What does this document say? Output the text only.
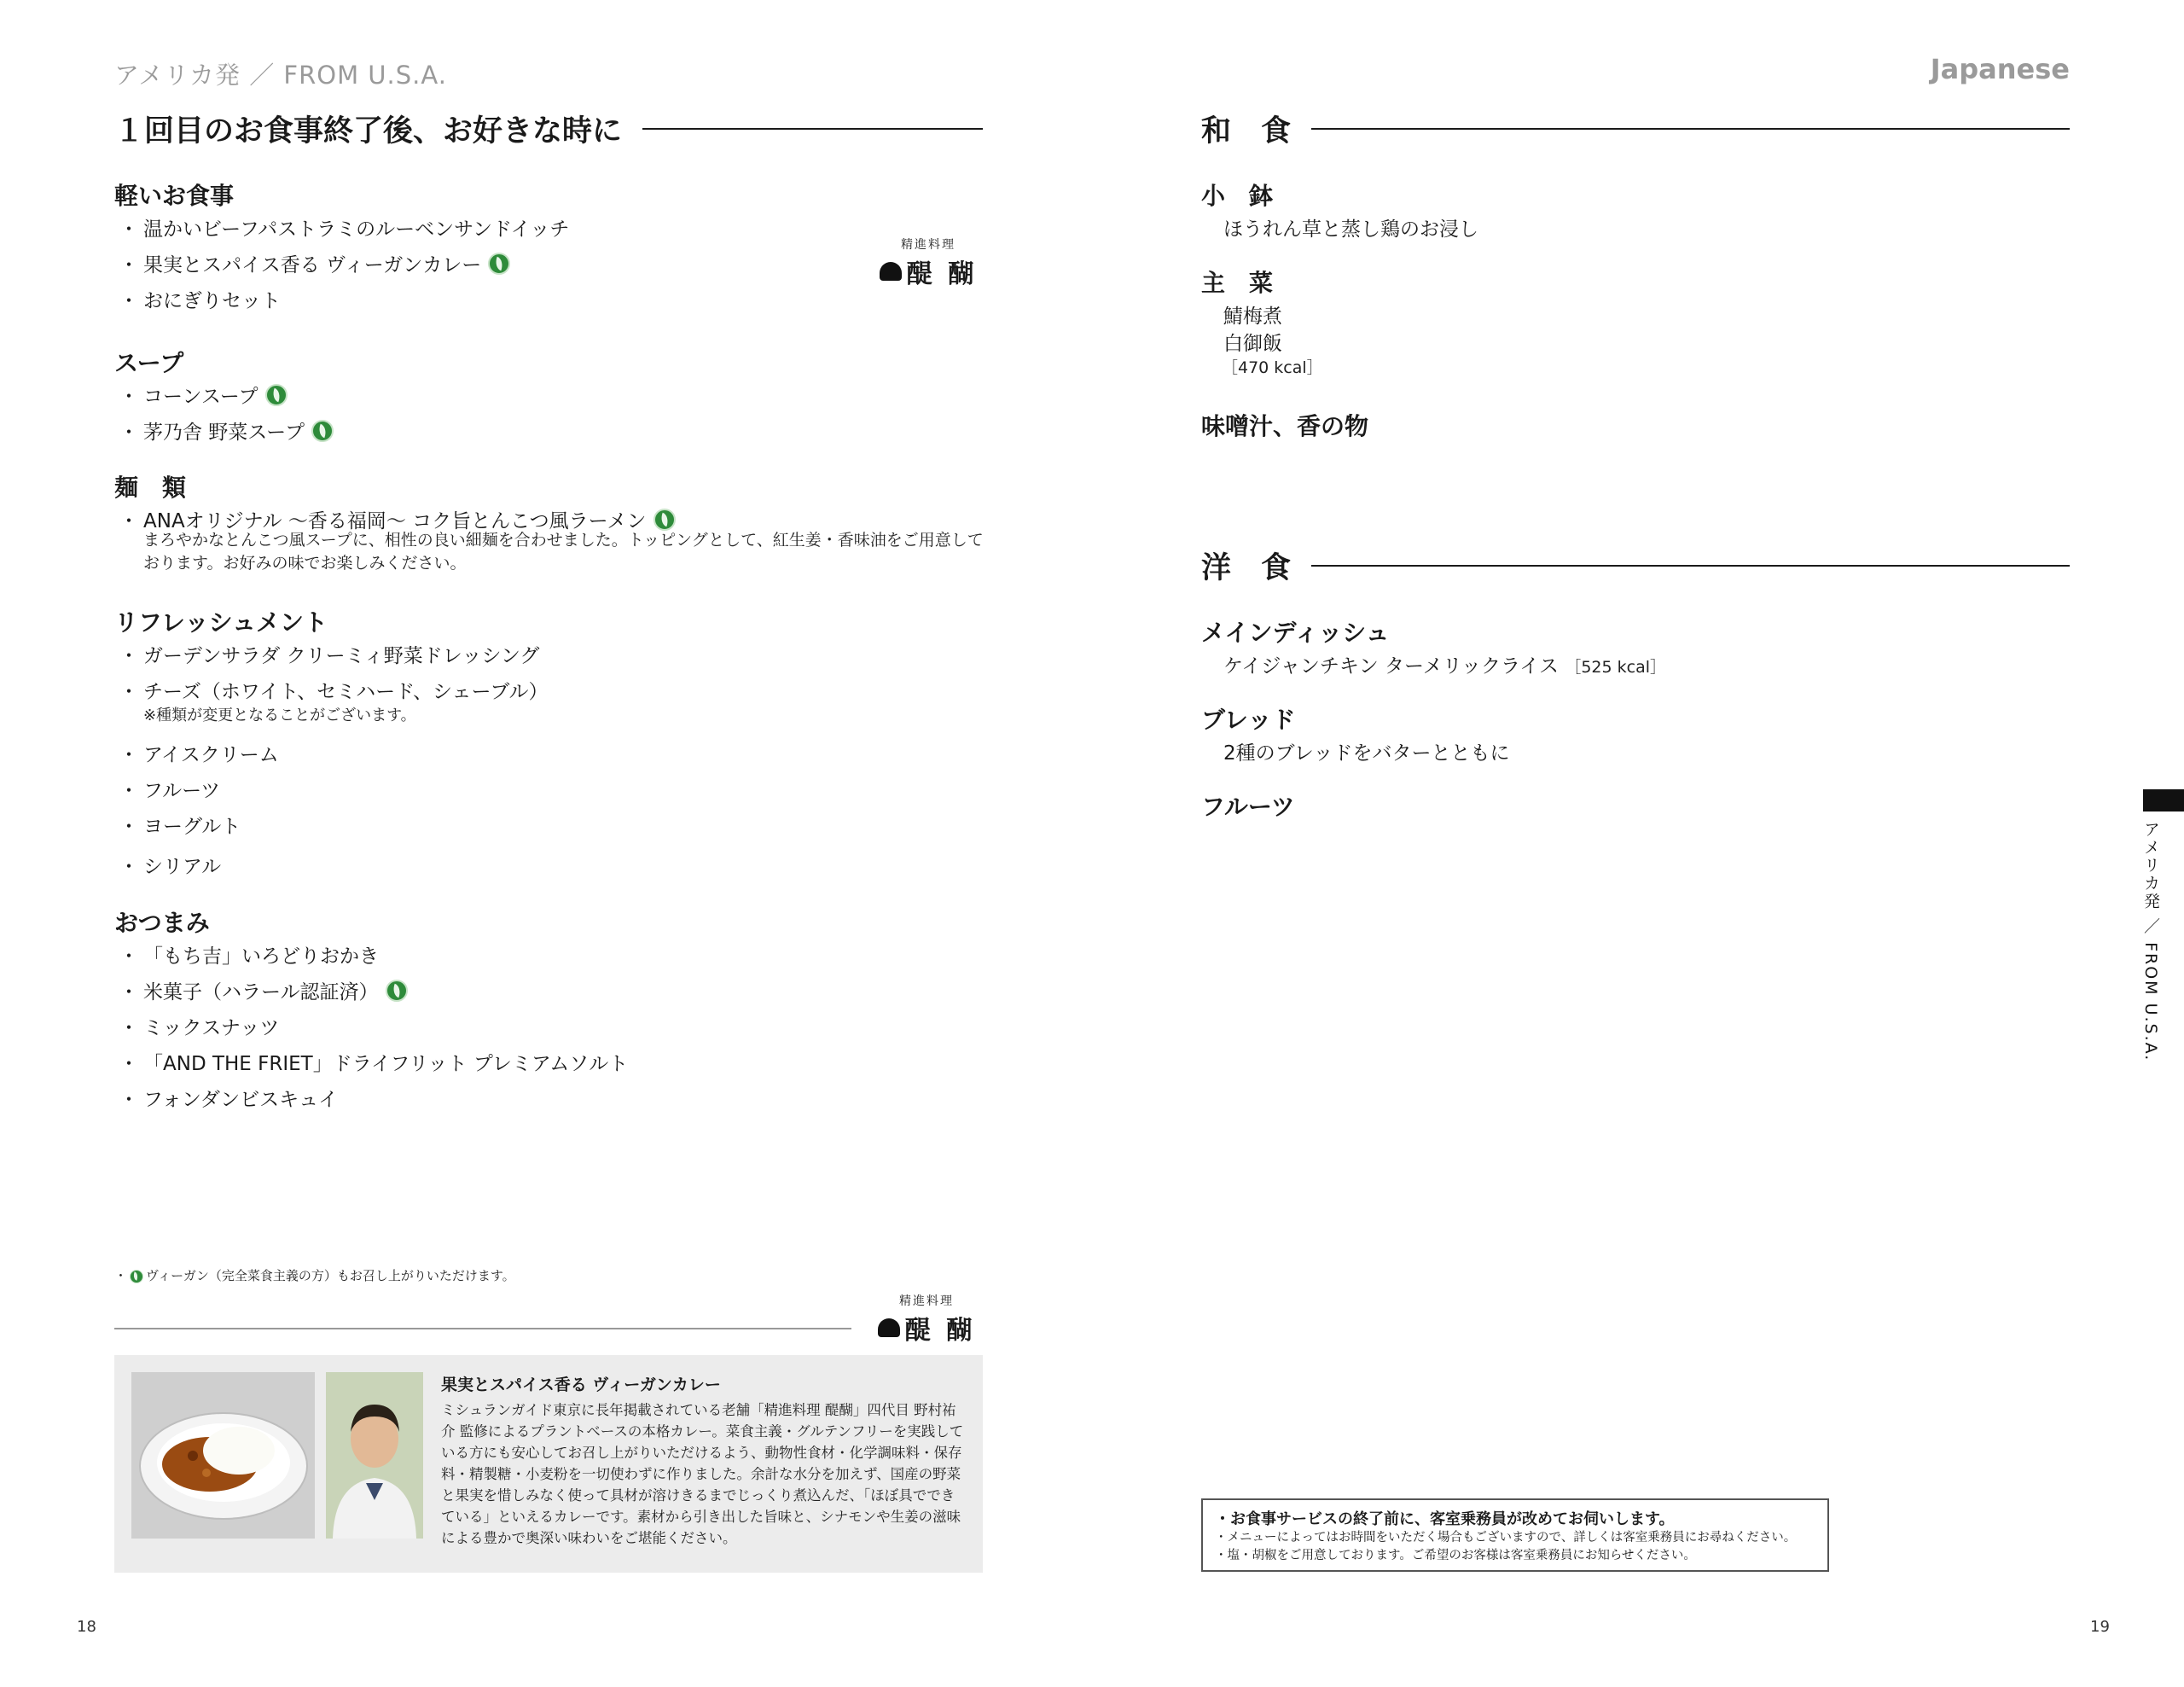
アメリカ発 ／ FROM U.S.A.	Japanese
１回目のお食事終了後、お好きな時に
軽いお食事
・ 温かいビーフパストラミのルーベンサンドイッチ
・ 果実とスパイス香る ヴィーガンカレー
・ おにぎりセット
精進料理
醍 醐
スープ
・ コーンスープ
・ 茅乃舎 野菜スープ
麺　類
・ ANAオリジナル 〜香る福岡〜 コク旨とんこつ風ラーメン
まろやかなとんこつ風スープに、相性の良い細麺を合わせました。トッピングとして、紅生姜・香味油をご用意しております。お好みの味でお楽しみください。
リフレッシュメント
・ ガーデンサラダ クリーミィ野菜ドレッシング
・ チーズ（ホワイト、セミハード、シェーブル）
※種類が変更となることがございます。
・ アイスクリーム
・ フルーツ
・ ヨーグルト
・ シリアル
おつまみ
・ 「もち吉」いろどりおかき
・ 米菓子（ハラール認証済）
・ ミックスナッツ
・ 「AND THE FRIET」ドライフリット プレミアムソルト
・ フォンダンビスキュイ
・ ヴィーガン（完全菜食主義の方）もお召し上がりいただけます。
精進料理
醍 醐
果実とスパイス香る ヴィーガンカレー
ミシュランガイド東京に長年掲載されている老舗「精進料理 醍醐」四代目 野村祐介 監修によるプラントベースの本格カレー。菜食主義・グルテンフリーを実践している方にも安心してお召し上がりいただけるよう、動物性食材・化学調味料・保存料・精製糖・小麦粉を一切使わずに作りました。余計な水分を加えず、国産の野菜と果実を惜しみなく使って具材が溶けきるまでじっくり煮込んだ、「ほぼ具でできている」といえるカレーです。素材から引き出した旨味と、シナモンや生姜の滋味による豊かで奥深い味わいをご堪能ください。
18
和　食
小　鉢
ほうれん草と蒸し鶏のお浸し
主　菜
鯖梅煮
白御飯
［470 kcal］
味噌汁、香の物
洋　食
メインディッシュ
ケイジャンチキン ターメリックライス ［525 kcal］
ブレッド
2種のブレッドをバターとともに
フルーツ
・お食事サービスの終了前に、客室乗務員が改めてお伺いします。
・メニューによってはお時間をいただく場合もございますので、詳しくは客室乗務員にお尋ねください。
・塩・胡椒をご用意しております。ご希望のお客様は客室乗務員にお知らせください。
アメリカ発 ／ FROM U.S.A.
19
